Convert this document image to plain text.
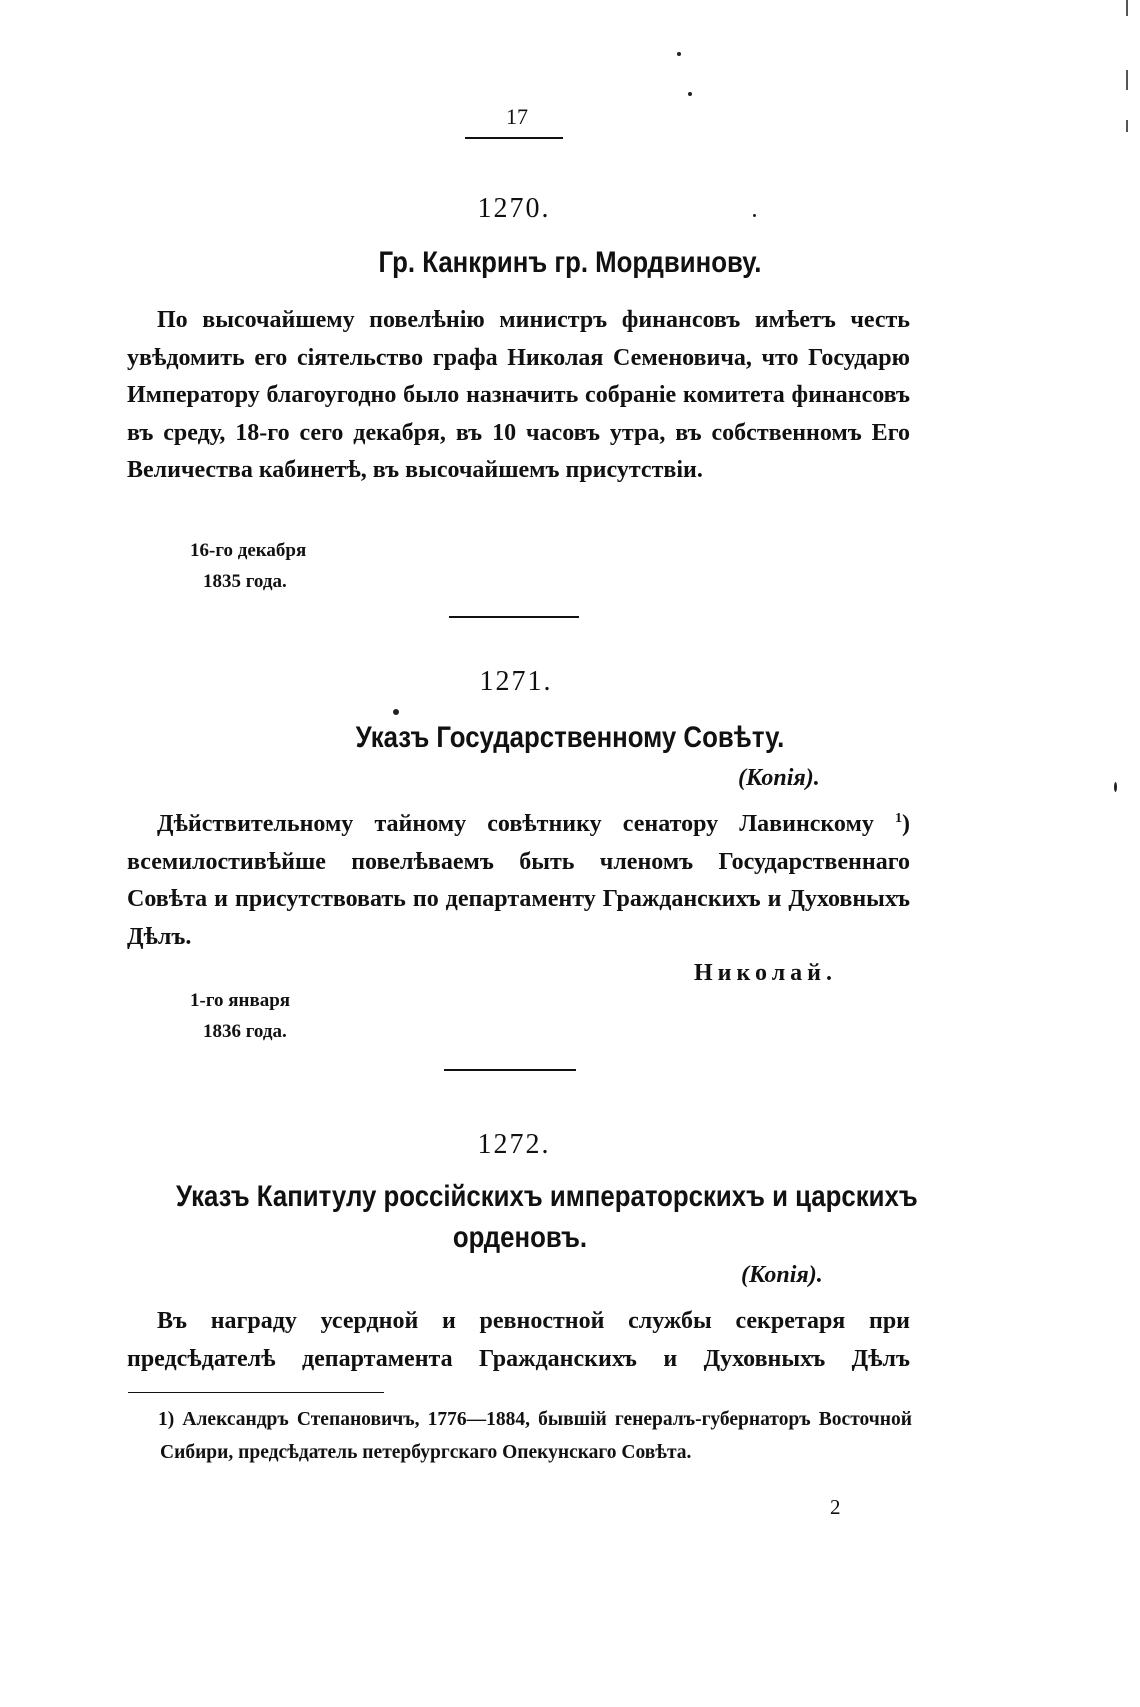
17
1270.
Гр. Канкринъ гр. Мордвинову.
По высочайшему повелѣнію министръ финансовъ имѣетъ честь увѣдомить его сіятельство графа Николая Семеновича, что Государю Императору благоугодно было назначить собраніе комитета финансовъ въ среду, 18-го сего декабря, въ 10 часовъ утра, въ собственномъ Его Величества кабинетѣ, въ высочайшемъ присутствіи.
16-го декабря
1835 года.
1271.
Указъ Государственному Совѣту.
(Копія).
Дѣйствительному тайному совѣтнику сенатору Лавинскому $^1$) всемилостивѣйше повелѣваемъ быть членомъ Государственнаго Совѣта и присутствовать по департаменту Гражданскихъ и Духовныхъ Дѣлъ.
Николай.
1-го января
1836 года.
1272.
Указъ Капитулу россійскихъ императорскихъ и царскихъ
орденовъ.
(Копія).
Въ награду усердной и ревностной службы секретаря при предсѣдателѣ департамента Гражданскихъ и Духовныхъ Дѣлъ
1) Александръ Степановичъ, 1776—1884, бывшій генералъ-губернаторъ Восточной Сибири, предсѣдатель петербургскаго Опекунскаго Совѣта.
2
